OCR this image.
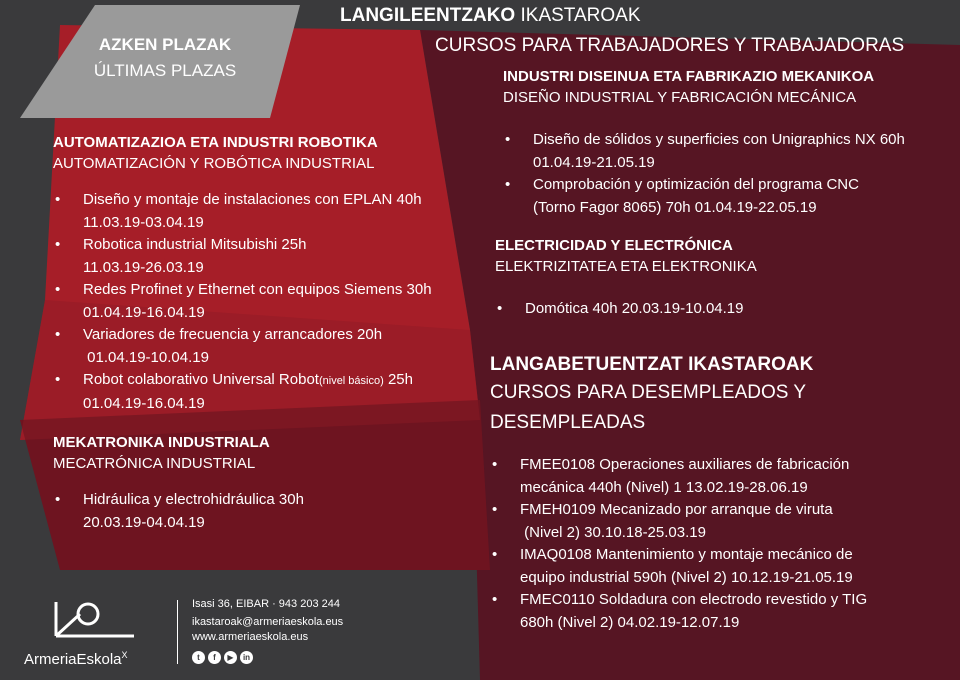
AZKEN PLAZAK
ÚLTIMAS PLAZAS
LANGILEENTZAKO IKASTAROAK
CURSOS PARA TRABAJADORES Y TRABAJADORAS
AUTOMATIZAZIOA ETA INDUSTRI ROBOTIKA
AUTOMATIZACIÓN Y ROBÓTICA INDUSTRIAL
• Diseño y montaje de instalaciones con EPLAN 40h
11.03.19-03.04.19
• Robotica industrial Mitsubishi 25h
11.03.19-26.03.19
• Redes Profinet y Ethernet con equipos Siemens 30h
01.04.19-16.04.19
• Variadores de frecuencia y arrancadores 20h
01.04.19-10.04.19
• Robot colaborativo Universal Robot(nivel básico) 25h
01.04.19-16.04.19
MEKATRONIKA INDUSTRIALA
MECATRÓNICA INDUSTRIAL
• Hidráulica y electrohidráulica 30h
20.03.19-04.04.19
INDUSTRI DISEINUA ETA FABRIKAZIO MEKANIKOA
DISEÑO INDUSTRIAL Y FABRICACIÓN MECÁNICA
• Diseño de sólidos y superficies con Unigraphics NX 60h
01.04.19-21.05.19
• Comprobación y optimización del programa CNC
(Torno Fagor 8065) 70h 01.04.19-22.05.19
ELECTRICIDAD Y ELECTRÓNICA
ELEKTRIZITATEA ETA ELEKTRONIKA
• Domótica 40h 20.03.19-10.04.19
LANGABETUENTZAT IKASTAROAK
CURSOS PARA DESEMPLEADOS Y
DESEMPLEADAS
• FMEE0108 Operaciones auxiliares de fabricación
mecánica 440h (Nivel) 1 13.02.19-28.06.19
• FMEH0109 Mecanizado por arranque de viruta
(Nivel 2) 30.10.18-25.03.19
• IMAQ0108 Mantenimiento y montaje mecánico de
equipo industrial 590h (Nivel 2) 10.12.19-21.05.19
• FMEC0110 Soldadura con electrodo revestido y TIG
680h (Nivel 2) 04.02.19-12.07.19
ArmeriaEskola$^X$
Isasi 36, EIBAR · 943 203 244
ikastaroak@armeriaeskola.eus
www.armeriaeskola.eus
t f ▶ in
